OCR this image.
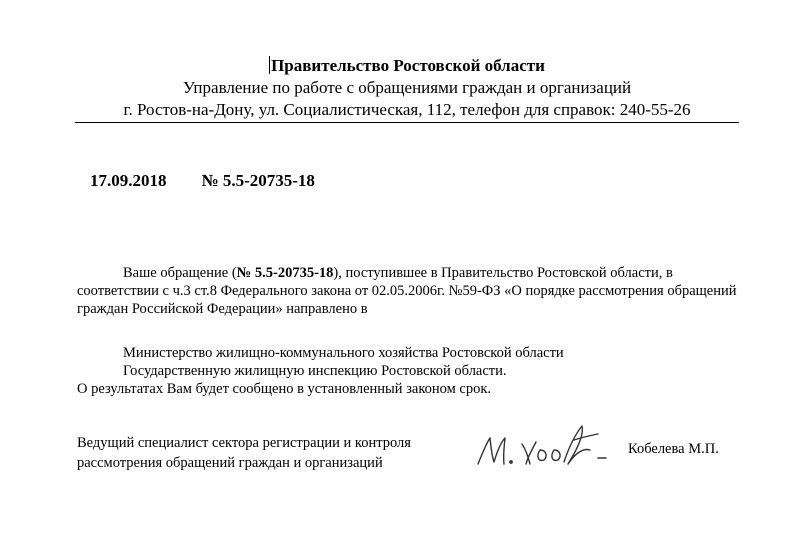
Правительство Ростовской области
Управление по работе с обращениями граждан и организаций
г. Ростов-на-Дону, ул. Социалистическая, 112, телефон для справок: 240-55-26
17.09.2018 № 5.5-20735-18

Ваше обращение (№ 5.5-20735-18), поступившее в Правительство Ростовской области, в соответствии с ч.3 ст.8 Федерального закона от 02.05.2006г. №59-ФЗ «О порядке рассмотрения обращений граждан Российской Федерации» направлено в

Министерство жилищно-коммунального хозяйства Ростовской области
Государственную жилищную инспекцию Ростовской области.

О результатах Вам будет сообщено в установленный законом срок.

Ведущий специалист сектора регистрации и контроля
рассмотрения обращений граждан и организаций
Кобелева М.П.
